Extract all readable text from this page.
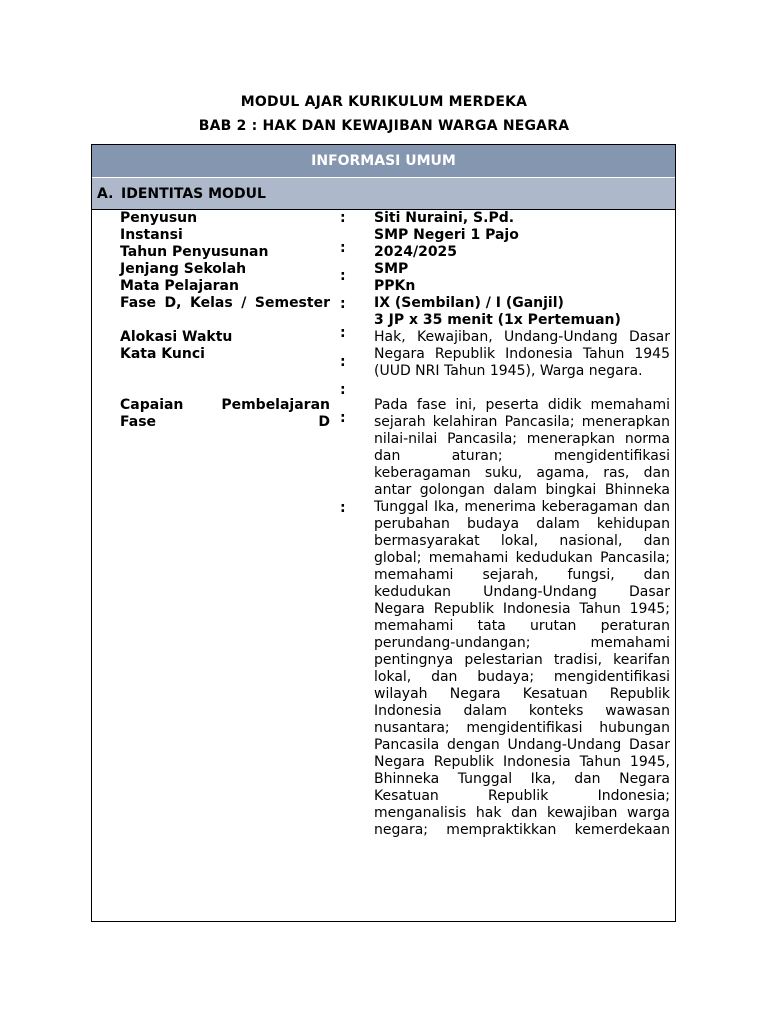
MODUL AJAR KURIKULUM MERDEKA
BAB 2 : HAK DAN KEWAJIBAN WARGA NEGARA
INFORMASI UMUM
A. IDENTITAS MODUL
Penyusun
Instansi
Tahun Penyusunan
Jenjang Sekolah
Mata Pelajaran
Fase D, Kelas / Semester
Alokasi Waktu
Kata Kunci
Capaian Pembelajaran Fase D
:
:
:
:
:
:
:
:
:
Siti Nuraini, S.Pd.
SMP Negeri 1 Pajo
2024/2025
SMP
PPKn
IX (Sembilan) / I (Ganjil)
3 JP x 35 menit (1x Pertemuan)
Hak, Kewajiban, Undang-Undang Dasar Negara Republik Indonesia Tahun 1945 (UUD NRI Tahun 1945), Warga negara.
Pada fase ini, peserta didik memahami sejarah kelahiran Pancasila; menerapkan nilai-nilai Pancasila; menerapkan norma dan aturan; mengidentifikasi keberagaman suku, agama, ras, dan antar golongan dalam bingkai Bhinneka Tunggal Ika, menerima keberagaman dan perubahan budaya dalam kehidupan bermasyarakat lokal, nasional, dan global; memahami kedudukan Pancasila; memahami sejarah, fungsi, dan kedudukan Undang-Undang Dasar Negara Republik Indonesia Tahun 1945; memahami tata urutan peraturan perundang-undangan; memahami pentingnya pelestarian tradisi, kearifan lokal, dan budaya; mengidentifikasi wilayah Negara Kesatuan Republik Indonesia dalam konteks wawasan nusantara; mengidentifikasi hubungan Pancasila dengan Undang-Undang Dasar Negara Republik Indonesia Tahun 1945, Bhinneka Tunggal Ika, dan Negara Kesatuan Republik Indonesia; menganalisis hak dan kewajiban warga negara; mempraktikkan kemerdekaan
